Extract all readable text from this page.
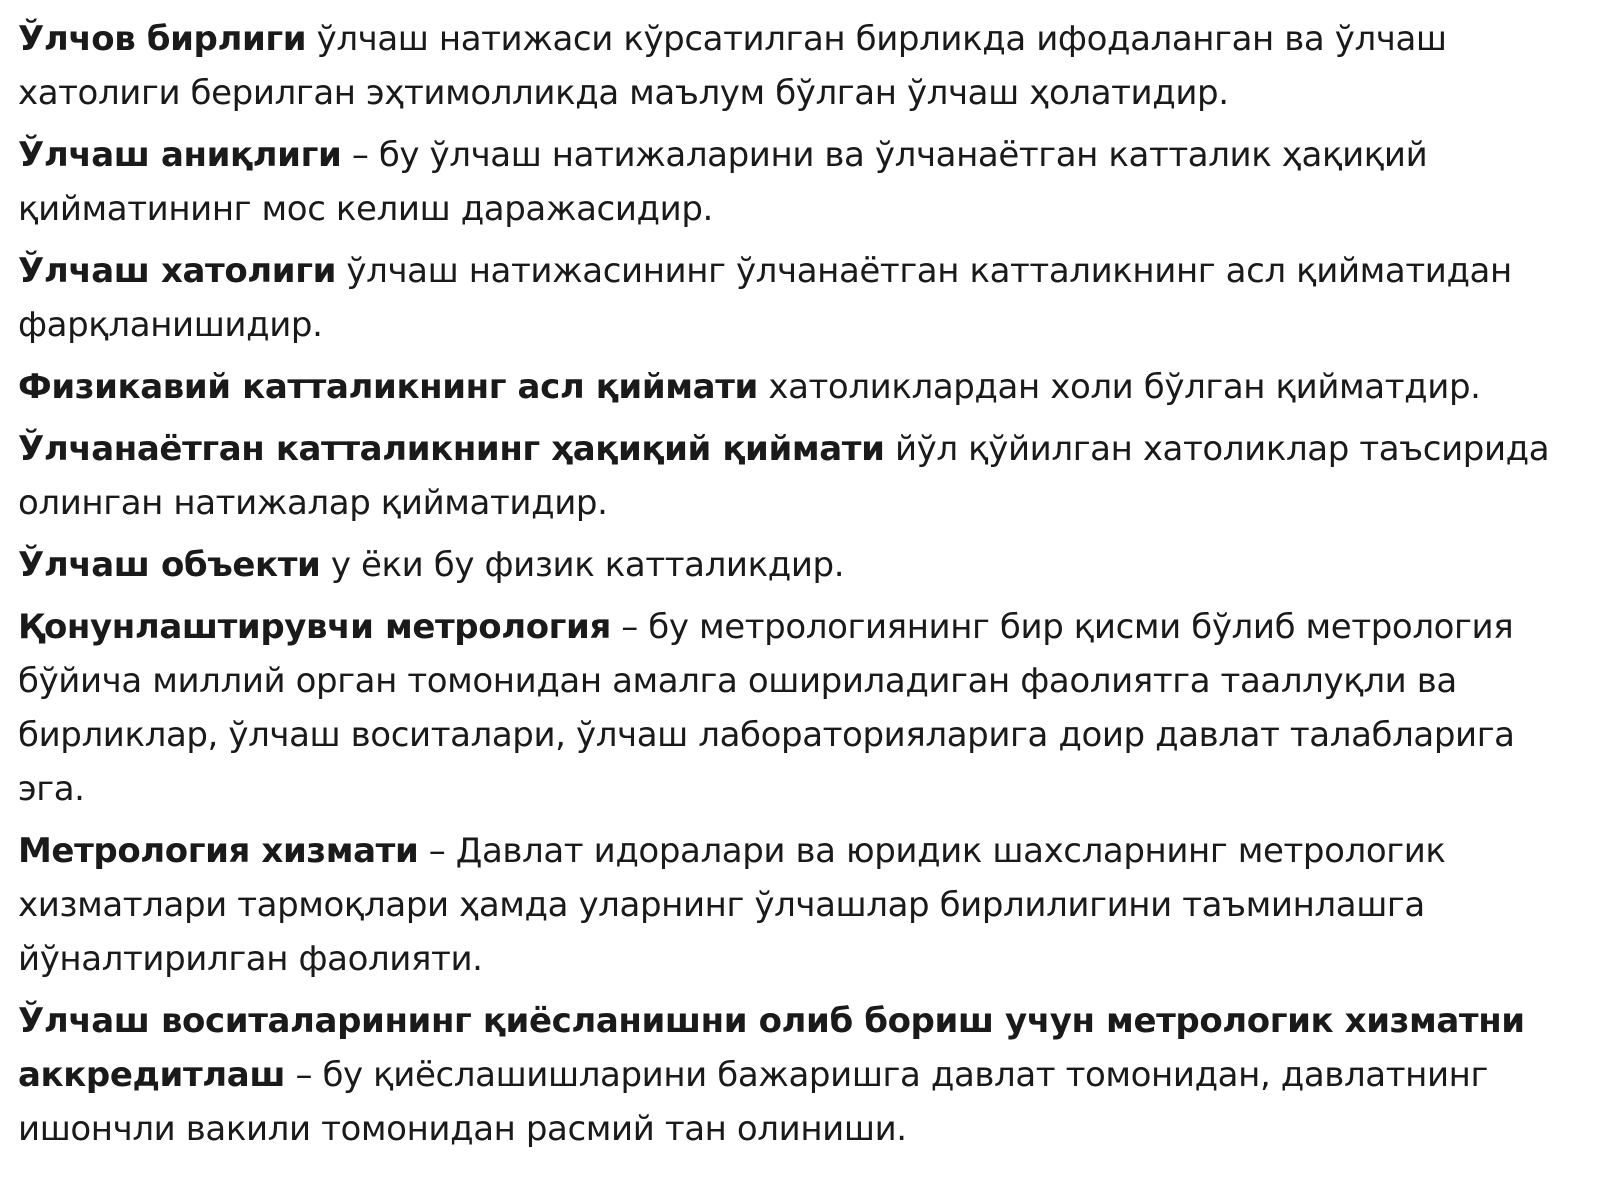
Ўлчов бирлиги ўлчаш натижаси кўрсатилган бирликда ифодаланган ва ўлчаш хатолиги берилган эҳтимолликда маълум бўлган ўлчаш ҳолатидир.

Ўлчаш аниқлиги – бу ўлчаш натижаларини ва ўлчанаётган катталик ҳақиқий қийматининг мос келиш даражасидир.

Ўлчаш хатолиги ўлчаш натижасининг ўлчанаётган катталикнинг асл қийматидан фарқланишидир.

Физикавий катталикнинг асл қиймати хатоликлардан холи бўлган қийматдир.

Ўлчанаётган катталикнинг ҳақиқий қиймати йўл қўйилган хатоликлар таъсирида олинган натижалар қийматидир.

Ўлчаш объекти у ёки бу физик катталикдир.

Қонунлаштирувчи метрология – бу метрологиянинг бир қисми бўлиб метрология бўйича миллий орган томонидан амалга ошириладиган фаолиятга тааллуқли ва бирликлар, ўлчаш воситалари, ўлчаш лабораторияларига доир давлат талабларига эга.

Метрология хизмати – Давлат идоралари ва юридик шахсларнинг метрологик хизматлари тармоқлари ҳамда уларнинг ўлчашлар бирлилигини таъминлашга йўналтирилган фаолияти.

Ўлчаш воситаларининг қиёсланишни олиб бориш учун метрологик хизматни аккредитлаш – бу қиёслашишларини бажаришга давлат томонидан, давлатнинг ишончли вакили томонидан расмий тан олиниши.
